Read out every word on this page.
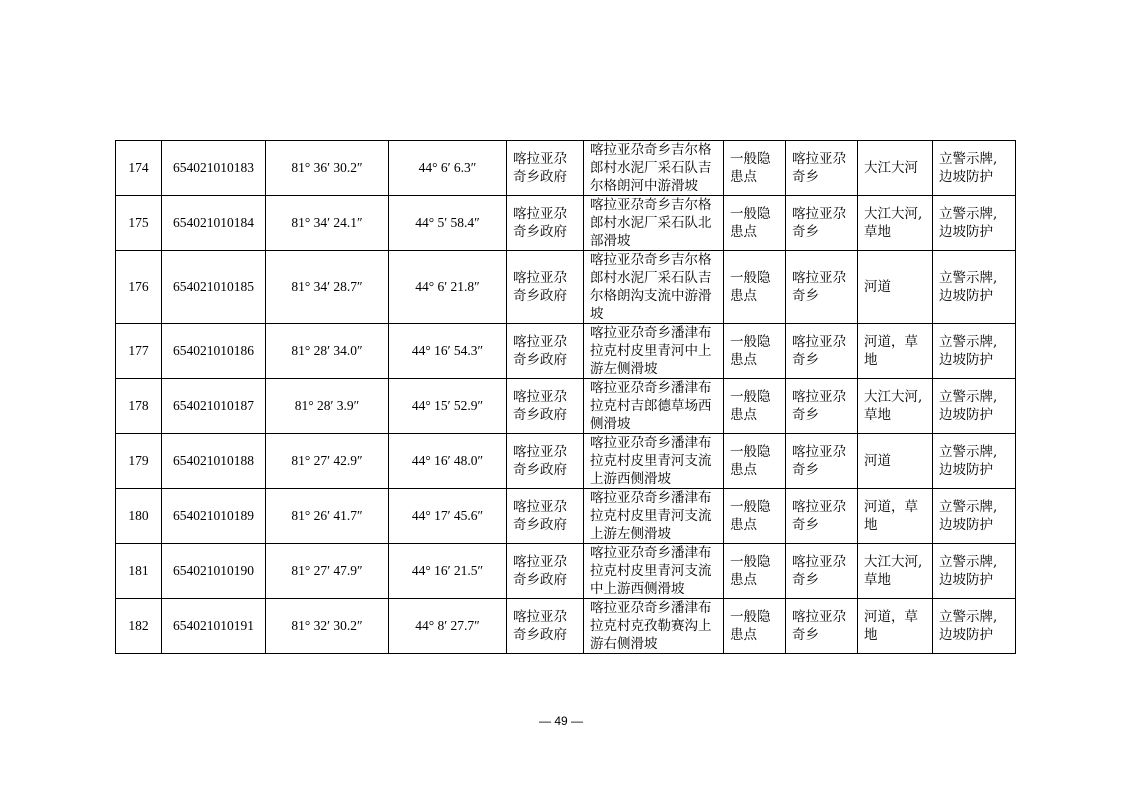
174	654021010183	81° 36′ 30.2″	44° 6′ 6.3″	喀拉亚尕奇乡政府	喀拉亚尕奇乡吉尔格郎村水泥厂采石队吉尔格朗河中游滑坡	一般隐患点	喀拉亚尕奇乡	大江大河	立警示牌,边坡防护
175	654021010184	81° 34′ 24.1″	44° 5′ 58.4″	喀拉亚尕奇乡政府	喀拉亚尕奇乡吉尔格郎村水泥厂采石队北部滑坡	一般隐患点	喀拉亚尕奇乡	大江大河,草地	立警示牌,边坡防护
176	654021010185	81° 34′ 28.7″	44° 6′ 21.8″	喀拉亚尕奇乡政府	喀拉亚尕奇乡吉尔格郎村水泥厂采石队吉尔格朗沟支流中游滑坡	一般隐患点	喀拉亚尕奇乡	河道	立警示牌,边坡防护
177	654021010186	81° 28′ 34.0″	44° 16′ 54.3″	喀拉亚尕奇乡政府	喀拉亚尕奇乡潘津布拉克村皮里青河中上游左侧滑坡	一般隐患点	喀拉亚尕奇乡	河道，草地	立警示牌,边坡防护
178	654021010187	81° 28′ 3.9″	44° 15′ 52.9″	喀拉亚尕奇乡政府	喀拉亚尕奇乡潘津布拉克村吉郎德草场西侧滑坡	一般隐患点	喀拉亚尕奇乡	大江大河,草地	立警示牌,边坡防护
179	654021010188	81° 27′ 42.9″	44° 16′ 48.0″	喀拉亚尕奇乡政府	喀拉亚尕奇乡潘津布拉克村皮里青河支流上游西侧滑坡	一般隐患点	喀拉亚尕奇乡	河道	立警示牌,边坡防护
180	654021010189	81° 26′ 41.7″	44° 17′ 45.6″	喀拉亚尕奇乡政府	喀拉亚尕奇乡潘津布拉克村皮里青河支流上游左侧滑坡	一般隐患点	喀拉亚尕奇乡	河道，草地	立警示牌,边坡防护
181	654021010190	81° 27′ 47.9″	44° 16′ 21.5″	喀拉亚尕奇乡政府	喀拉亚尕奇乡潘津布拉克村皮里青河支流中上游西侧滑坡	一般隐患点	喀拉亚尕奇乡	大江大河,草地	立警示牌,边坡防护
182	654021010191	81° 32′ 30.2″	44° 8′ 27.7″	喀拉亚尕奇乡政府	喀拉亚尕奇乡潘津布拉克村克孜勒赛沟上游右侧滑坡	一般隐患点	喀拉亚尕奇乡	河道，草地	立警示牌,边坡防护
— 49 —
